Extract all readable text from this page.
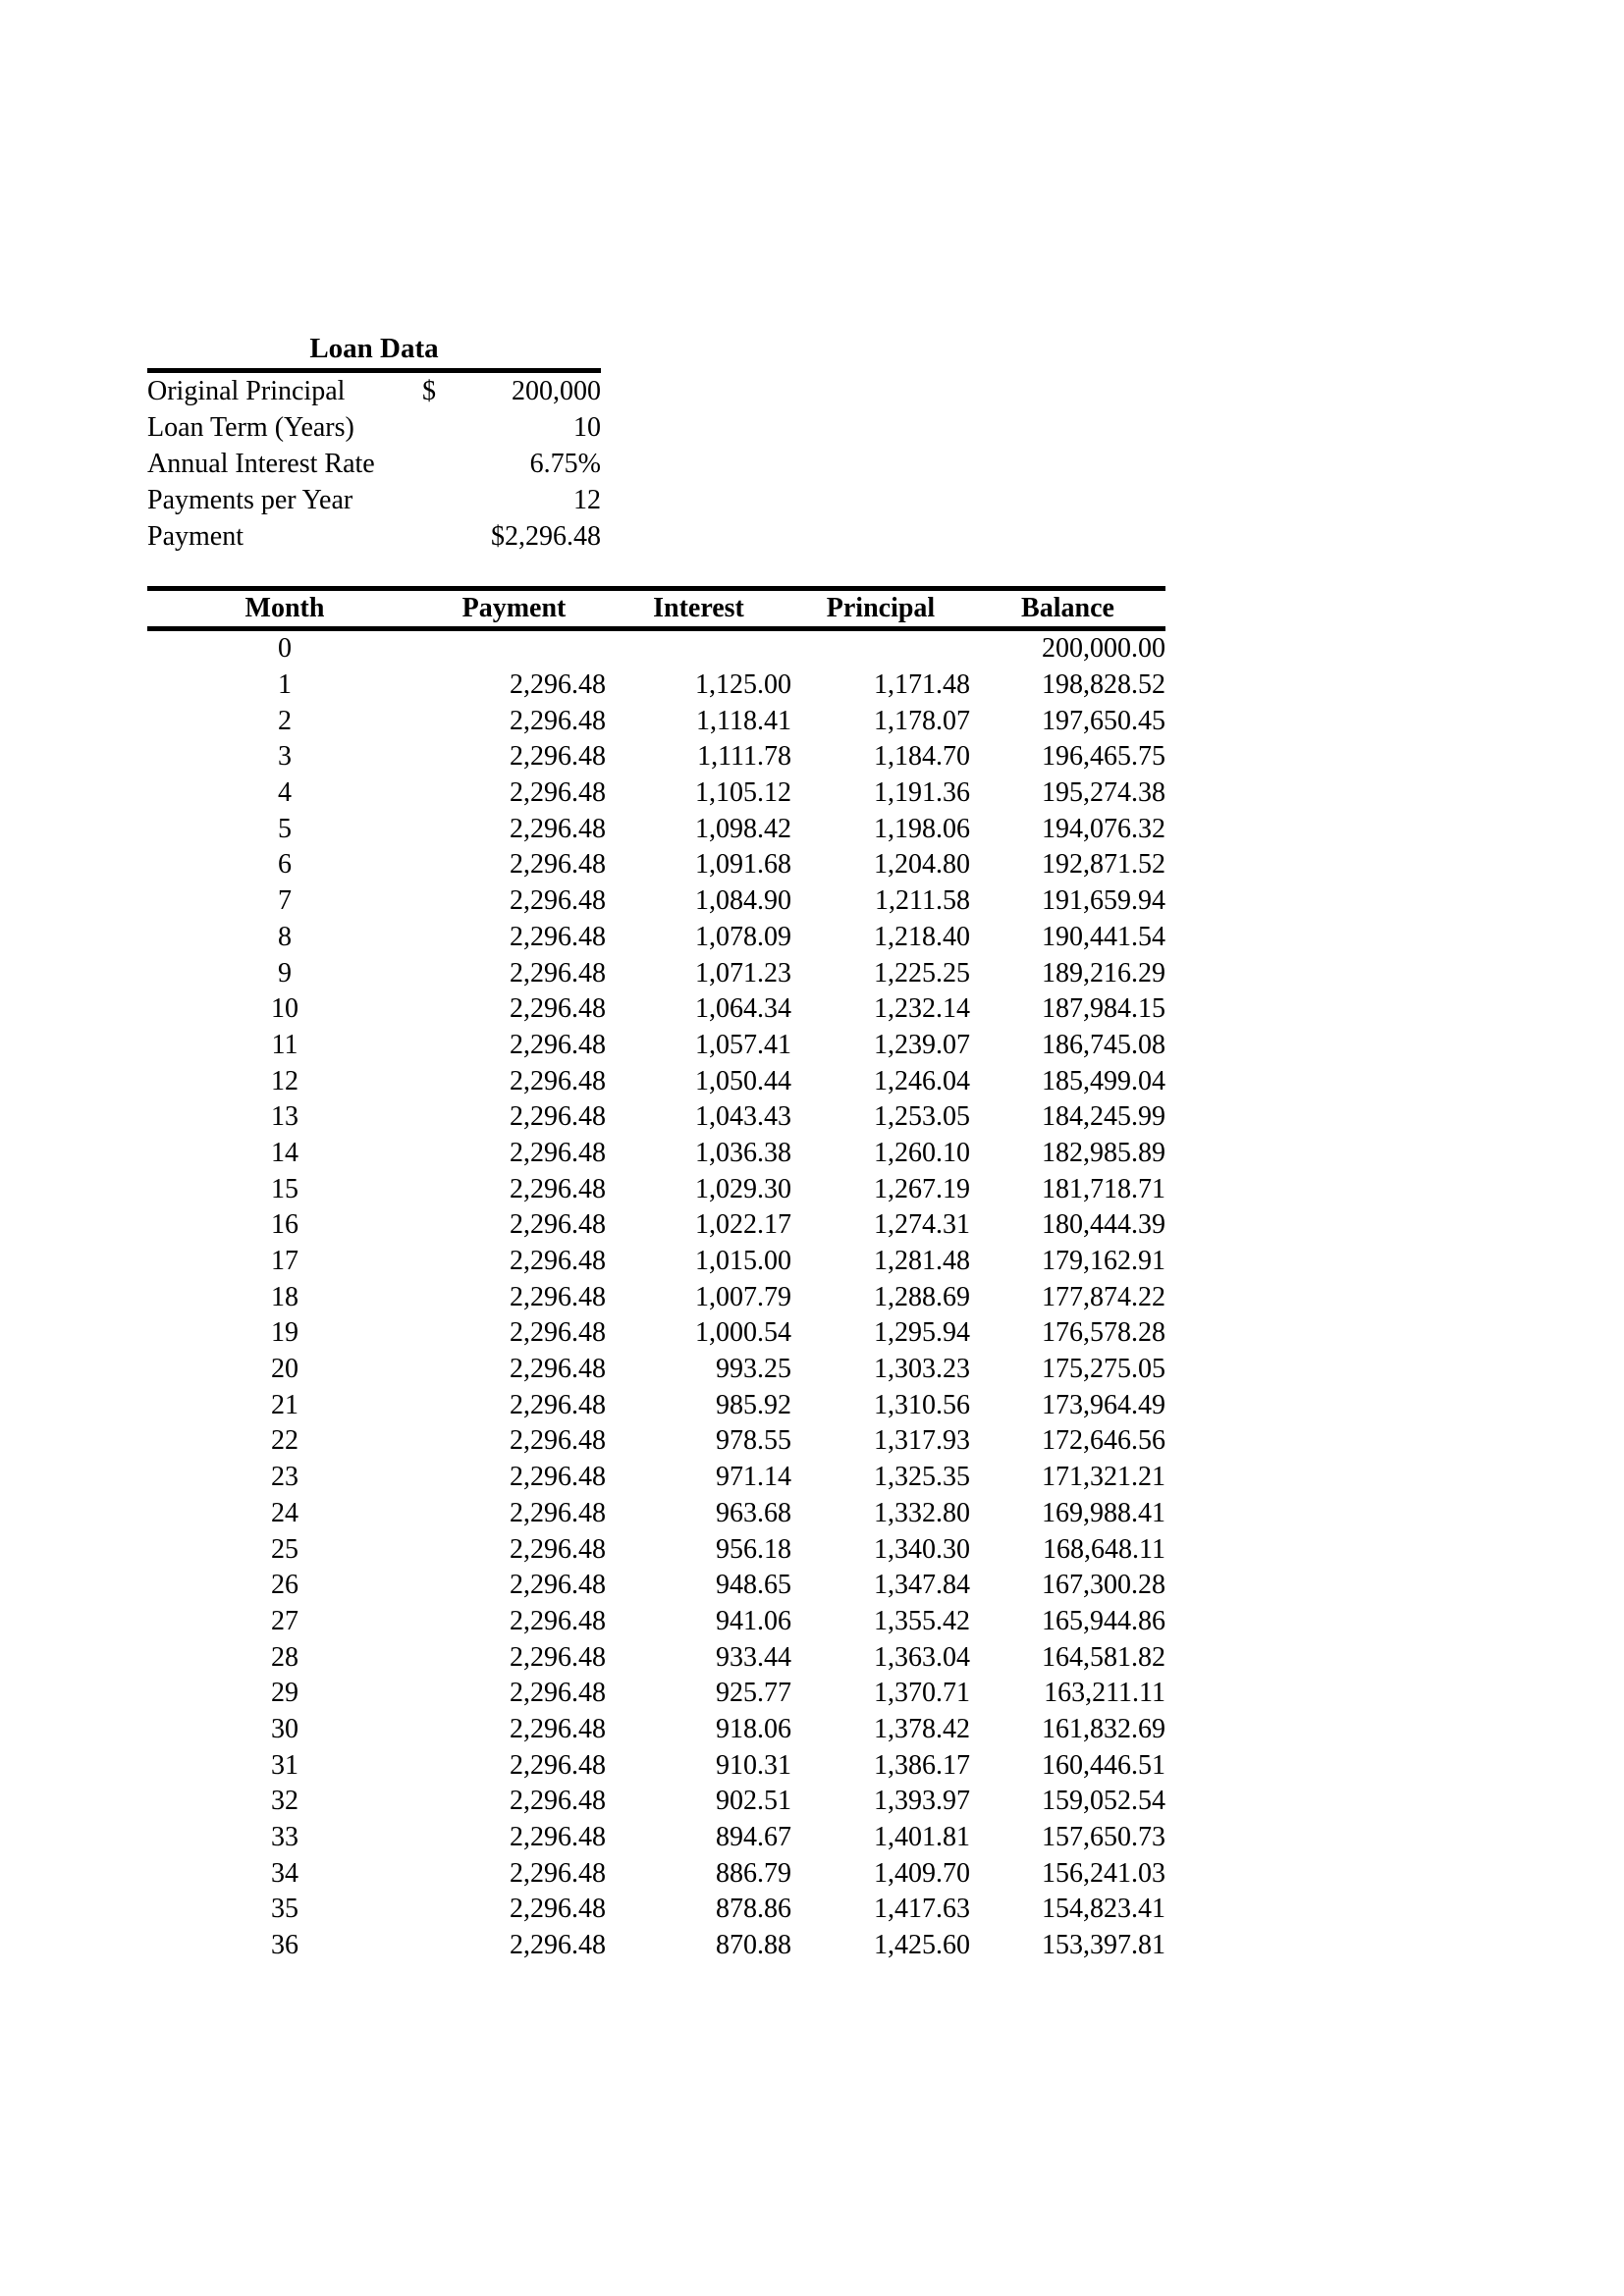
Loan Data
Original Principal	$	200,000
Loan Term (Years)		10
Annual Interest Rate		6.75%
Payments per Year		12
Payment		$2,296.48
Month	Payment	Interest	Principal	Balance
0				200,000.00
1	2,296.48	1,125.00	1,171.48	198,828.52
2	2,296.48	1,118.41	1,178.07	197,650.45
3	2,296.48	1,111.78	1,184.70	196,465.75
4	2,296.48	1,105.12	1,191.36	195,274.38
5	2,296.48	1,098.42	1,198.06	194,076.32
6	2,296.48	1,091.68	1,204.80	192,871.52
7	2,296.48	1,084.90	1,211.58	191,659.94
8	2,296.48	1,078.09	1,218.40	190,441.54
9	2,296.48	1,071.23	1,225.25	189,216.29
10	2,296.48	1,064.34	1,232.14	187,984.15
11	2,296.48	1,057.41	1,239.07	186,745.08
12	2,296.48	1,050.44	1,246.04	185,499.04
13	2,296.48	1,043.43	1,253.05	184,245.99
14	2,296.48	1,036.38	1,260.10	182,985.89
15	2,296.48	1,029.30	1,267.19	181,718.71
16	2,296.48	1,022.17	1,274.31	180,444.39
17	2,296.48	1,015.00	1,281.48	179,162.91
18	2,296.48	1,007.79	1,288.69	177,874.22
19	2,296.48	1,000.54	1,295.94	176,578.28
20	2,296.48	993.25	1,303.23	175,275.05
21	2,296.48	985.92	1,310.56	173,964.49
22	2,296.48	978.55	1,317.93	172,646.56
23	2,296.48	971.14	1,325.35	171,321.21
24	2,296.48	963.68	1,332.80	169,988.41
25	2,296.48	956.18	1,340.30	168,648.11
26	2,296.48	948.65	1,347.84	167,300.28
27	2,296.48	941.06	1,355.42	165,944.86
28	2,296.48	933.44	1,363.04	164,581.82
29	2,296.48	925.77	1,370.71	163,211.11
30	2,296.48	918.06	1,378.42	161,832.69
31	2,296.48	910.31	1,386.17	160,446.51
32	2,296.48	902.51	1,393.97	159,052.54
33	2,296.48	894.67	1,401.81	157,650.73
34	2,296.48	886.79	1,409.70	156,241.03
35	2,296.48	878.86	1,417.63	154,823.41
36	2,296.48	870.88	1,425.60	153,397.81
